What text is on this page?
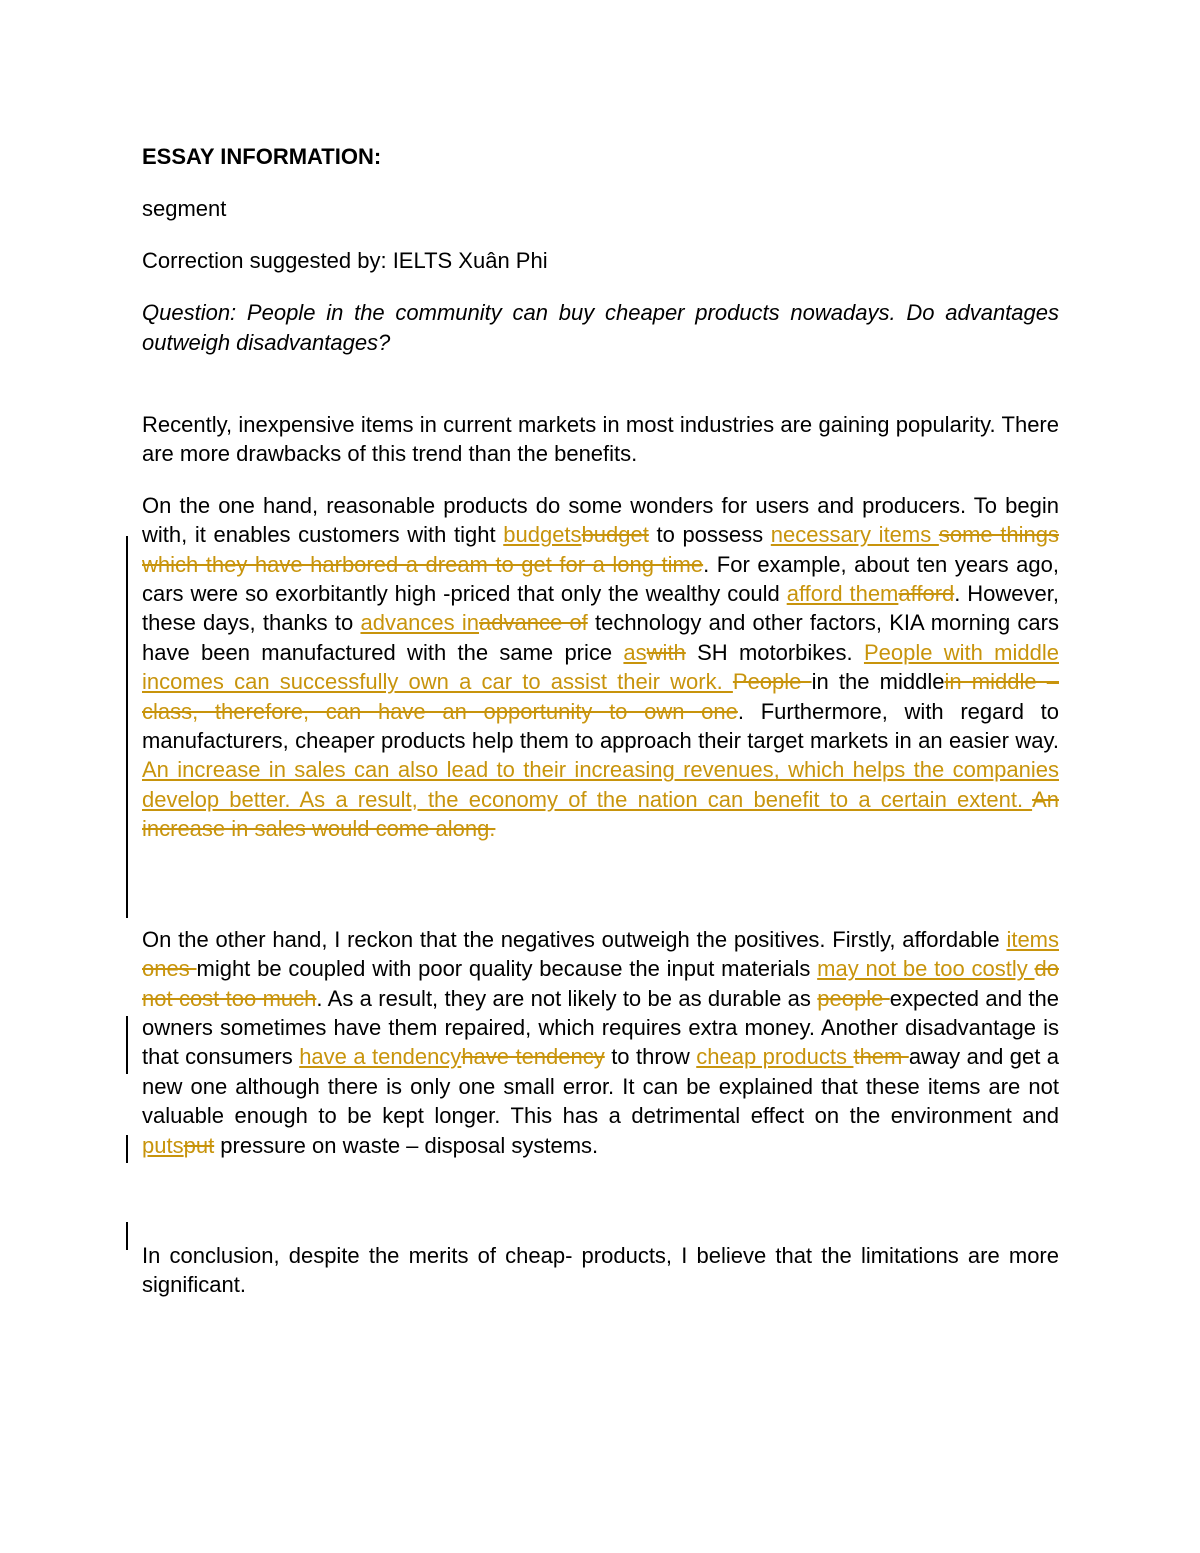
ESSAY INFORMATION:
segment
Correction suggested by: IELTS Xuân Phi
Question: People in the community can buy cheaper products nowadays. Do advantages outweigh disadvantages?

Recently, inexpensive items in current markets in most industries are gaining popularity. There are more drawbacks of this trend than the benefits.

On the one hand, reasonable products do some wonders for users and producers. To begin with, it enables customers with tight budgetsbudget to possess necessary items some things which they have harbored a dream to get for a long time. For example, about ten years ago, cars were so exorbitantly high -priced that only the wealthy could afford themafford. However, these days, thanks to advances inadvance of technology and other factors, KIA morning cars have been manufactured with the same price aswith SH motorbikes. People with middle incomes can successfully own a car to assist their work. People in the middlein middle – class, therefore, can have an opportunity to own one. Furthermore, with regard to manufacturers, cheaper products help them to approach their target markets in an easier way. An increase in sales can also lead to their increasing revenues, which helps the companies develop better. As a result, the economy of the nation can benefit to a certain extent. An increase in sales would come along.

On the other hand, I reckon that the negatives outweigh the positives. Firstly, affordable items ones might be coupled with poor quality because the input materials may not be too costly do not cost too much. As a result, they are not likely to be as durable as people expected and the owners sometimes have them repaired, which requires extra money. Another disadvantage is that consumers have a tendencyhave tendency to throw cheap products them away and get a new one although there is only one small error. It can be explained that these items are not valuable enough to be kept longer. This has a detrimental effect on the environment and putsput pressure on waste – disposal systems.

In conclusion, despite the merits of cheap- products, I believe that the limitations are more significant.
